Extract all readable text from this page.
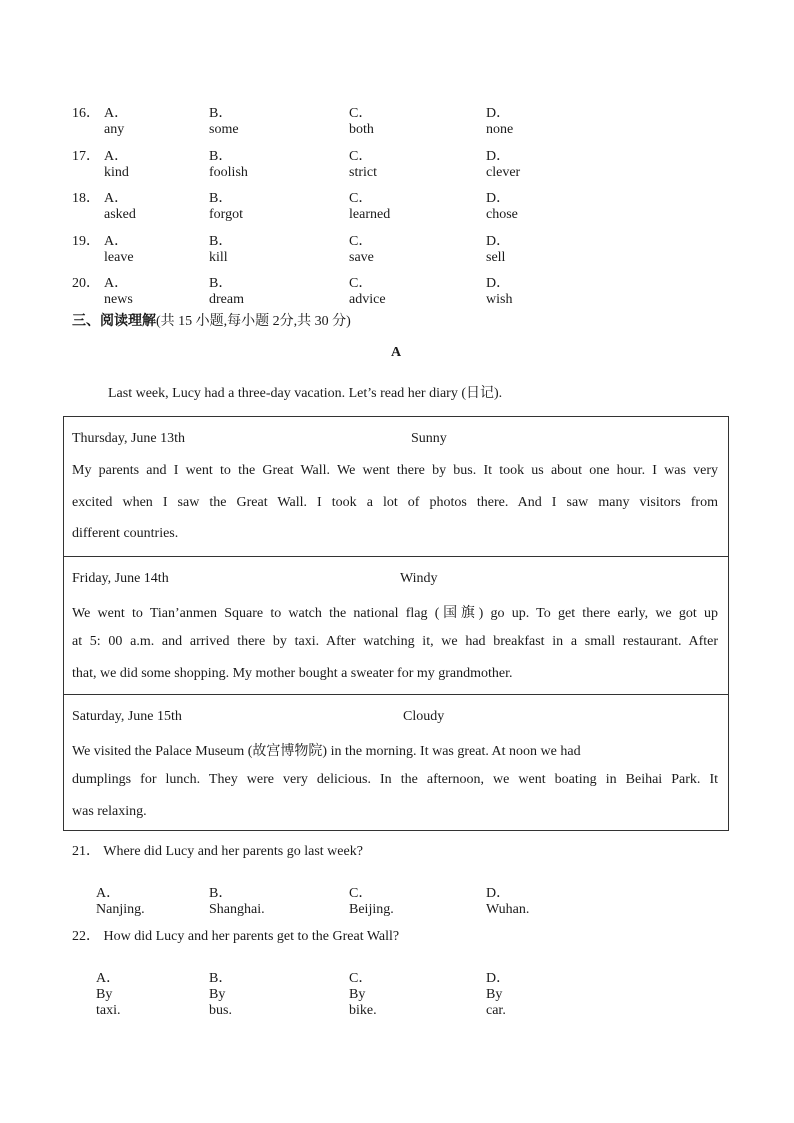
16． A．any
B．some
C．both
D．none
17． A．kind
B．foolish
C．strict
D．clever
18． A．asked
B．forgot
C．learned
D．chose
19． A．leave
B．kill
C．save
D．sell
20． A．news
B．dream
C．advice
D．wish
三、阅读理解(共 15 小题,每小题 2分,共 30 分)
A
Last week, Lucy had a three-day vacation. Let’s read her diary (日记).
Thursday, June 13th	Sunny
My parents and I went to the Great Wall. We went there by bus. It took us about one hour. I was very
excited when I saw the Great Wall. I took a lot of photos there. And I saw many visitors from
different countries.
Friday, June 14th	Windy
We went to Tian’anmen Square to watch the national flag (国旗) go up. To get there early, we got up
at 5: 00 a.m. and arrived there by taxi. After watching it, we had breakfast in a small restaurant. After
that, we did some shopping. My mother bought a sweater for my grandmother.
Saturday, June 15th	Cloudy
We visited the Palace Museum (故宫博物院) in the morning. It was great. At noon we had
dumplings for lunch. They were very delicious. In the afternoon, we went boating in Beihai Park. It
was relaxing.
21． Where did Lucy and her parents go last week?
A．Nanjing.
B．Shanghai.
C．Beijing.
D．Wuhan.
22． How did Lucy and her parents get to the Great Wall?
A．By taxi.
B．By bus.
C．By bike.
D．By car.
